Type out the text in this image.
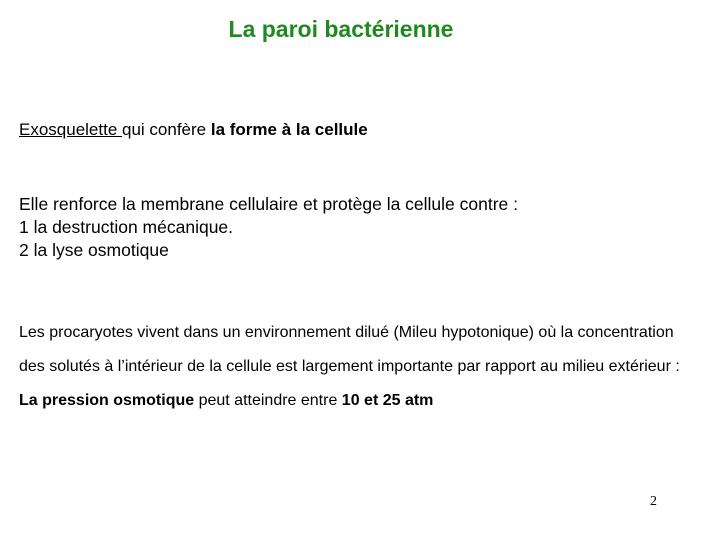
La paroi bactérienne
Exosquelette qui confère la forme à la cellule
Elle renforce la membrane cellulaire et protège la cellule contre :
1 la destruction mécanique.
2 la lyse osmotique
Les procaryotes vivent dans un environnement dilué (Mileu hypotonique) où la concentration des solutés à l’intérieur de la cellule est largement importante par rapport au milieu extérieur : La pression osmotique peut atteindre entre 10 et 25 atm
2
